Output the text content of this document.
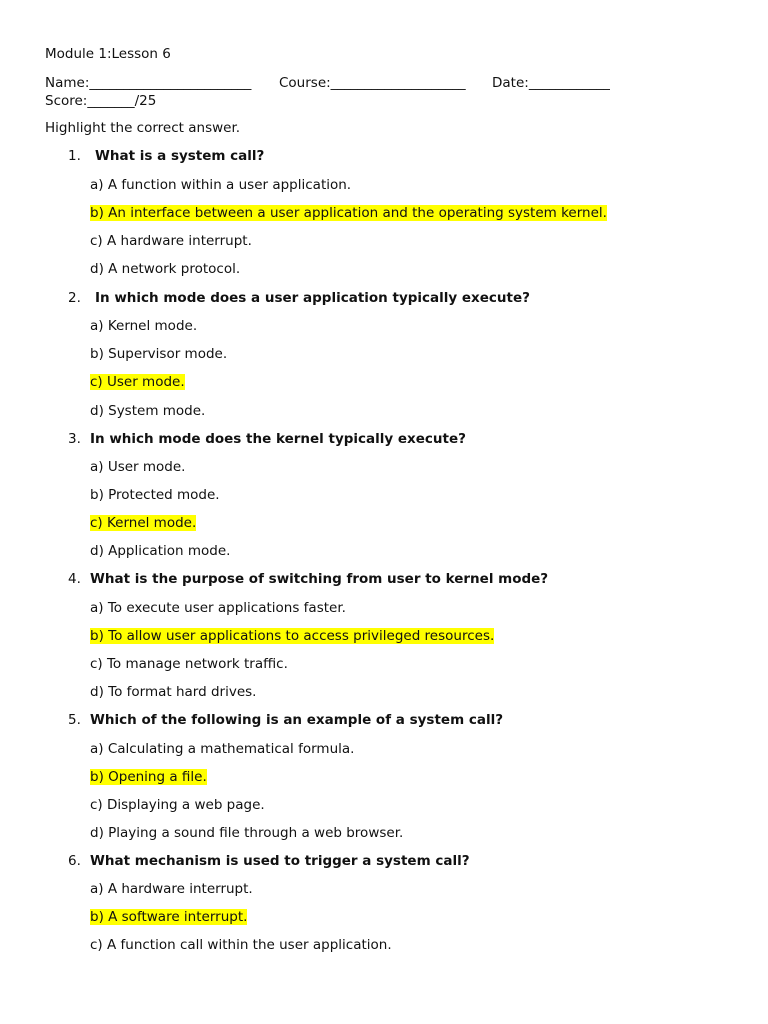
Module 1:Lesson 6
Name:________________________ Course:____________________ Date:____________
Score:_______/25
Highlight the correct answer.
1. What is a system call?
a) A function within a user application.
b) An interface between a user application and the operating system kernel.
c) A hardware interrupt.
d) A network protocol.
2. In which mode does a user application typically execute?
a) Kernel mode.
b) Supervisor mode.
c) User mode.
d) System mode.
3. In which mode does the kernel typically execute?
a) User mode.
b) Protected mode.
c) Kernel mode.
d) Application mode.
4. What is the purpose of switching from user to kernel mode?
a) To execute user applications faster.
b) To allow user applications to access privileged resources.
c) To manage network traffic.
d) To format hard drives.
5. Which of the following is an example of a system call?
a) Calculating a mathematical formula.
b) Opening a file.
c) Displaying a web page.
d) Playing a sound file through a web browser.
6. What mechanism is used to trigger a system call?
a) A hardware interrupt.
b) A software interrupt.
c) A function call within the user application.
